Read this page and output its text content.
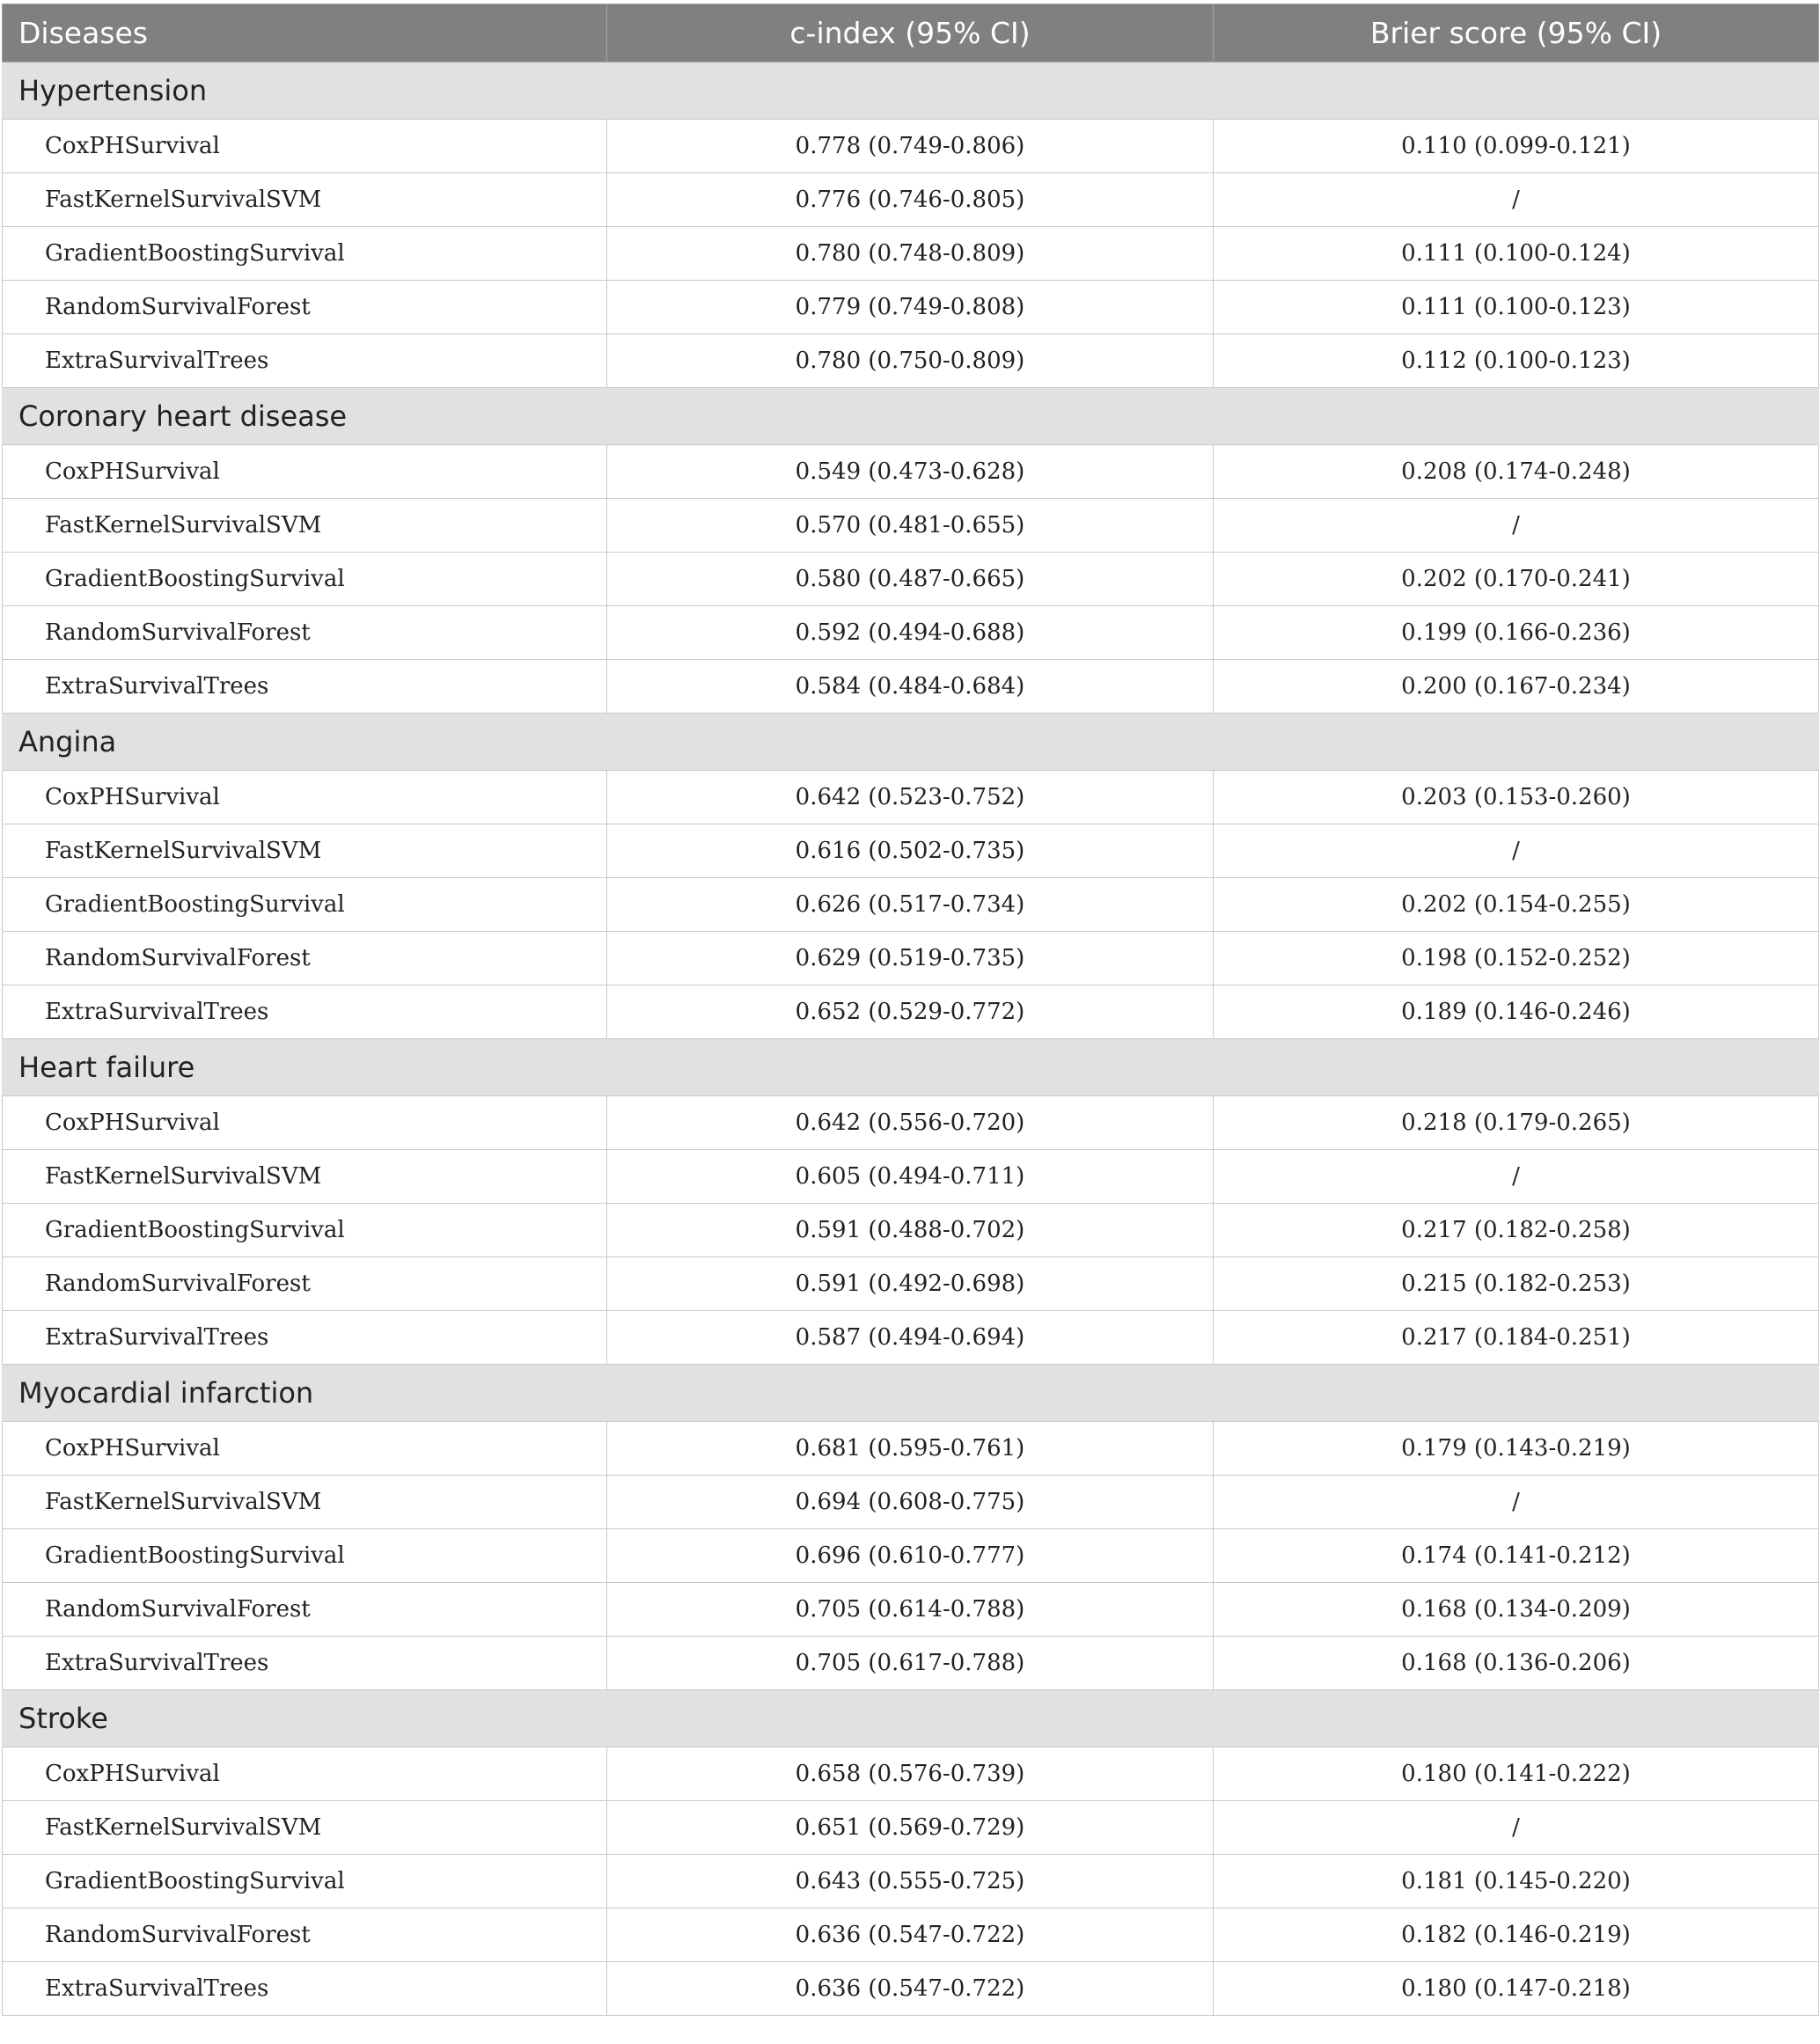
Diseases	c-index (95% CI)	Brier score (95% CI)
Hypertension		
CoxPHSurvival	0.778 (0.749-0.806)	0.110 (0.099-0.121)
FastKernelSurvivalSVM	0.776 (0.746-0.805)	/
GradientBoostingSurvival	0.780 (0.748-0.809)	0.111 (0.100-0.124)
RandomSurvivalForest	0.779 (0.749-0.808)	0.111 (0.100-0.123)
ExtraSurvivalTrees	0.780 (0.750-0.809)	0.112 (0.100-0.123)
Coronary heart disease		
CoxPHSurvival	0.549 (0.473-0.628)	0.208 (0.174-0.248)
FastKernelSurvivalSVM	0.570 (0.481-0.655)	/
GradientBoostingSurvival	0.580 (0.487-0.665)	0.202 (0.170-0.241)
RandomSurvivalForest	0.592 (0.494-0.688)	0.199 (0.166-0.236)
ExtraSurvivalTrees	0.584 (0.484-0.684)	0.200 (0.167-0.234)
Angina		
CoxPHSurvival	0.642 (0.523-0.752)	0.203 (0.153-0.260)
FastKernelSurvivalSVM	0.616 (0.502-0.735)	/
GradientBoostingSurvival	0.626 (0.517-0.734)	0.202 (0.154-0.255)
RandomSurvivalForest	0.629 (0.519-0.735)	0.198 (0.152-0.252)
ExtraSurvivalTrees	0.652 (0.529-0.772)	0.189 (0.146-0.246)
Heart failure		
CoxPHSurvival	0.642 (0.556-0.720)	0.218 (0.179-0.265)
FastKernelSurvivalSVM	0.605 (0.494-0.711)	/
GradientBoostingSurvival	0.591 (0.488-0.702)	0.217 (0.182-0.258)
RandomSurvivalForest	0.591 (0.492-0.698)	0.215 (0.182-0.253)
ExtraSurvivalTrees	0.587 (0.494-0.694)	0.217 (0.184-0.251)
Myocardial infarction		
CoxPHSurvival	0.681 (0.595-0.761)	0.179 (0.143-0.219)
FastKernelSurvivalSVM	0.694 (0.608-0.775)	/
GradientBoostingSurvival	0.696 (0.610-0.777)	0.174 (0.141-0.212)
RandomSurvivalForest	0.705 (0.614-0.788)	0.168 (0.134-0.209)
ExtraSurvivalTrees	0.705 (0.617-0.788)	0.168 (0.136-0.206)
Stroke		
CoxPHSurvival	0.658 (0.576-0.739)	0.180 (0.141-0.222)
FastKernelSurvivalSVM	0.651 (0.569-0.729)	/
GradientBoostingSurvival	0.643 (0.555-0.725)	0.181 (0.145-0.220)
RandomSurvivalForest	0.636 (0.547-0.722)	0.182 (0.146-0.219)
ExtraSurvivalTrees	0.636 (0.547-0.722)	0.180 (0.147-0.218)
